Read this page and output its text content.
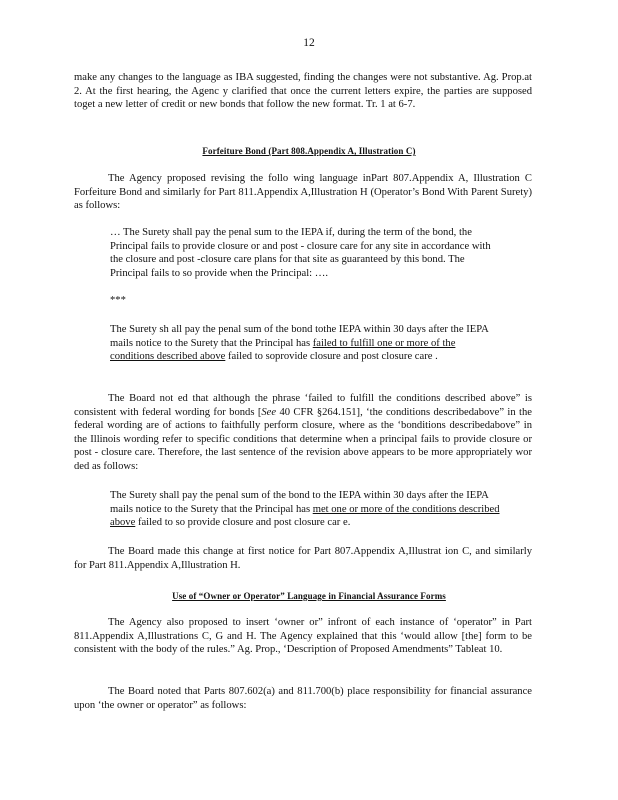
12
make any changes to the language as IBA suggested, finding the changes were not substantive. Ag. Prop.at 2. At the first hearing, the Agenc y clarified that once the current letters expire, the parties are supposed toget a new letter of credit or new bonds that follow the new format. Tr. 1 at 6-7.
Forfeiture Bond (Part 808.Appendix A, Illustration C)
The Agency proposed revising the follo wing language inPart 807.Appendix A, Illustration C Forfeiture Bond and similarly for Part 811.Appendix A,Illustration H (Operator’s Bond With Parent Surety) as follows:
… The Surety shall pay the penal sum to the IEPA if, during the term of the bond, the Principal fails to provide closure or and post - closure care for any site in accordance with the closure and post -closure care plans for that site as guaranteed by this bond. The Principal fails to so provide when the Principal: ….
***
The Surety sh all pay the penal sum of the bond tothe IEPA within 30 days after the IEPA mails notice to the Surety that the Principal has failed to fulfill one or more of the conditions described above failed to soprovide closure and post closure care .
The Board not ed that although the phrase ‘failed to fulfill the conditions described above” is consistent with federal wording for bonds [See 40 CFR §264.151], ‘the conditions describedabove” in the federal wording are of actions to faithfully perform closure, where as the ‘bonditions describedabove” in the Illinois wording refer to specific conditions that determine when a principal fails to provide closure or post - closure care. Therefore, the last sentence of the revision above appears to be more appropriately wor ded as follows:
The Surety shall pay the penal sum of the bond to the IEPA within 30 days after the IEPA mails notice to the Surety that the Principal has met one or more of the conditions described above failed to so provide closure and post closure car e.
The Board made this change at first notice for Part 807.Appendix A,Illustrat ion C, and similarly for Part 811.Appendix A,Illustration H.
Use of “Owner or Operator” Language in Financial Assurance Forms
The Agency also proposed to insert ‘owner or” infront of each instance of ‘operator” in Part 811.Appendix A,Illustrations C, G and H. The Agency explained that this ‘would allow [the] form to be consistent with the body of the rules.” Ag. Prop., ‘Description of Proposed Amendments” Tableat 10.
The Board noted that Parts 807.602(a) and 811.700(b) place responsibility for financial assurance upon ‘the owner or operator” as follows:
